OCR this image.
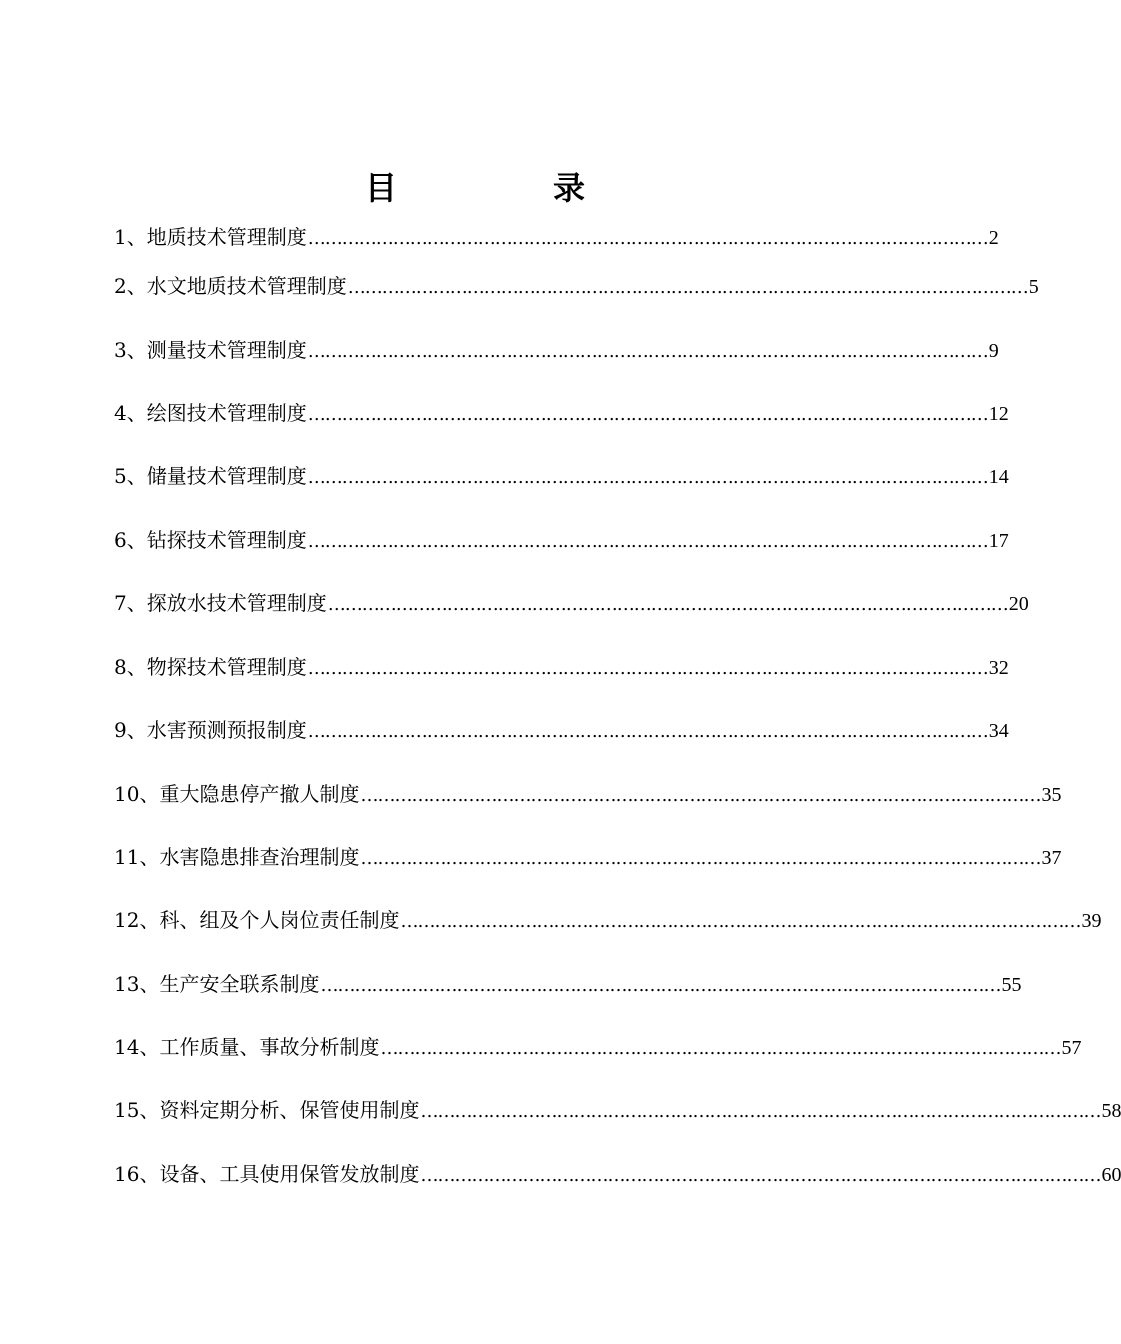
目　录
1、地质技术管理制度 ………………………………………………………………………………………………………… 2
2、水文地质技术管理制度 ………………………………………………………………………………………………………… 5
3、测量技术管理制度 ………………………………………………………………………………………………………… 9
4、绘图技术管理制度 ………………………………………………………………………………………………………… 12
5、储量技术管理制度 ………………………………………………………………………………………………………… 14
6、钻探技术管理制度 ………………………………………………………………………………………………………… 17
7、探放水技术管理制度 ………………………………………………………………………………………………………… 20
8、物探技术管理制度 ………………………………………………………………………………………………………… 32
9、水害预测预报制度 ………………………………………………………………………………………………………… 34
10、重大隐患停产撤人制度 ………………………………………………………………………………………………………… 35
11、水害隐患排查治理制度 ………………………………………………………………………………………………………… 37
12、科、组及个人岗位责任制度 ………………………………………………………………………………………………………… 39
13、生产安全联系制度 ………………………………………………………………………………………………………… 55
14、工作质量、事故分析制度 ………………………………………………………………………………………………………… 57
15、资料定期分析、保管使用制度 ………………………………………………………………………………………………………… 58
16、设备、工具使用保管发放制度 ………………………………………………………………………………………………………… 60
